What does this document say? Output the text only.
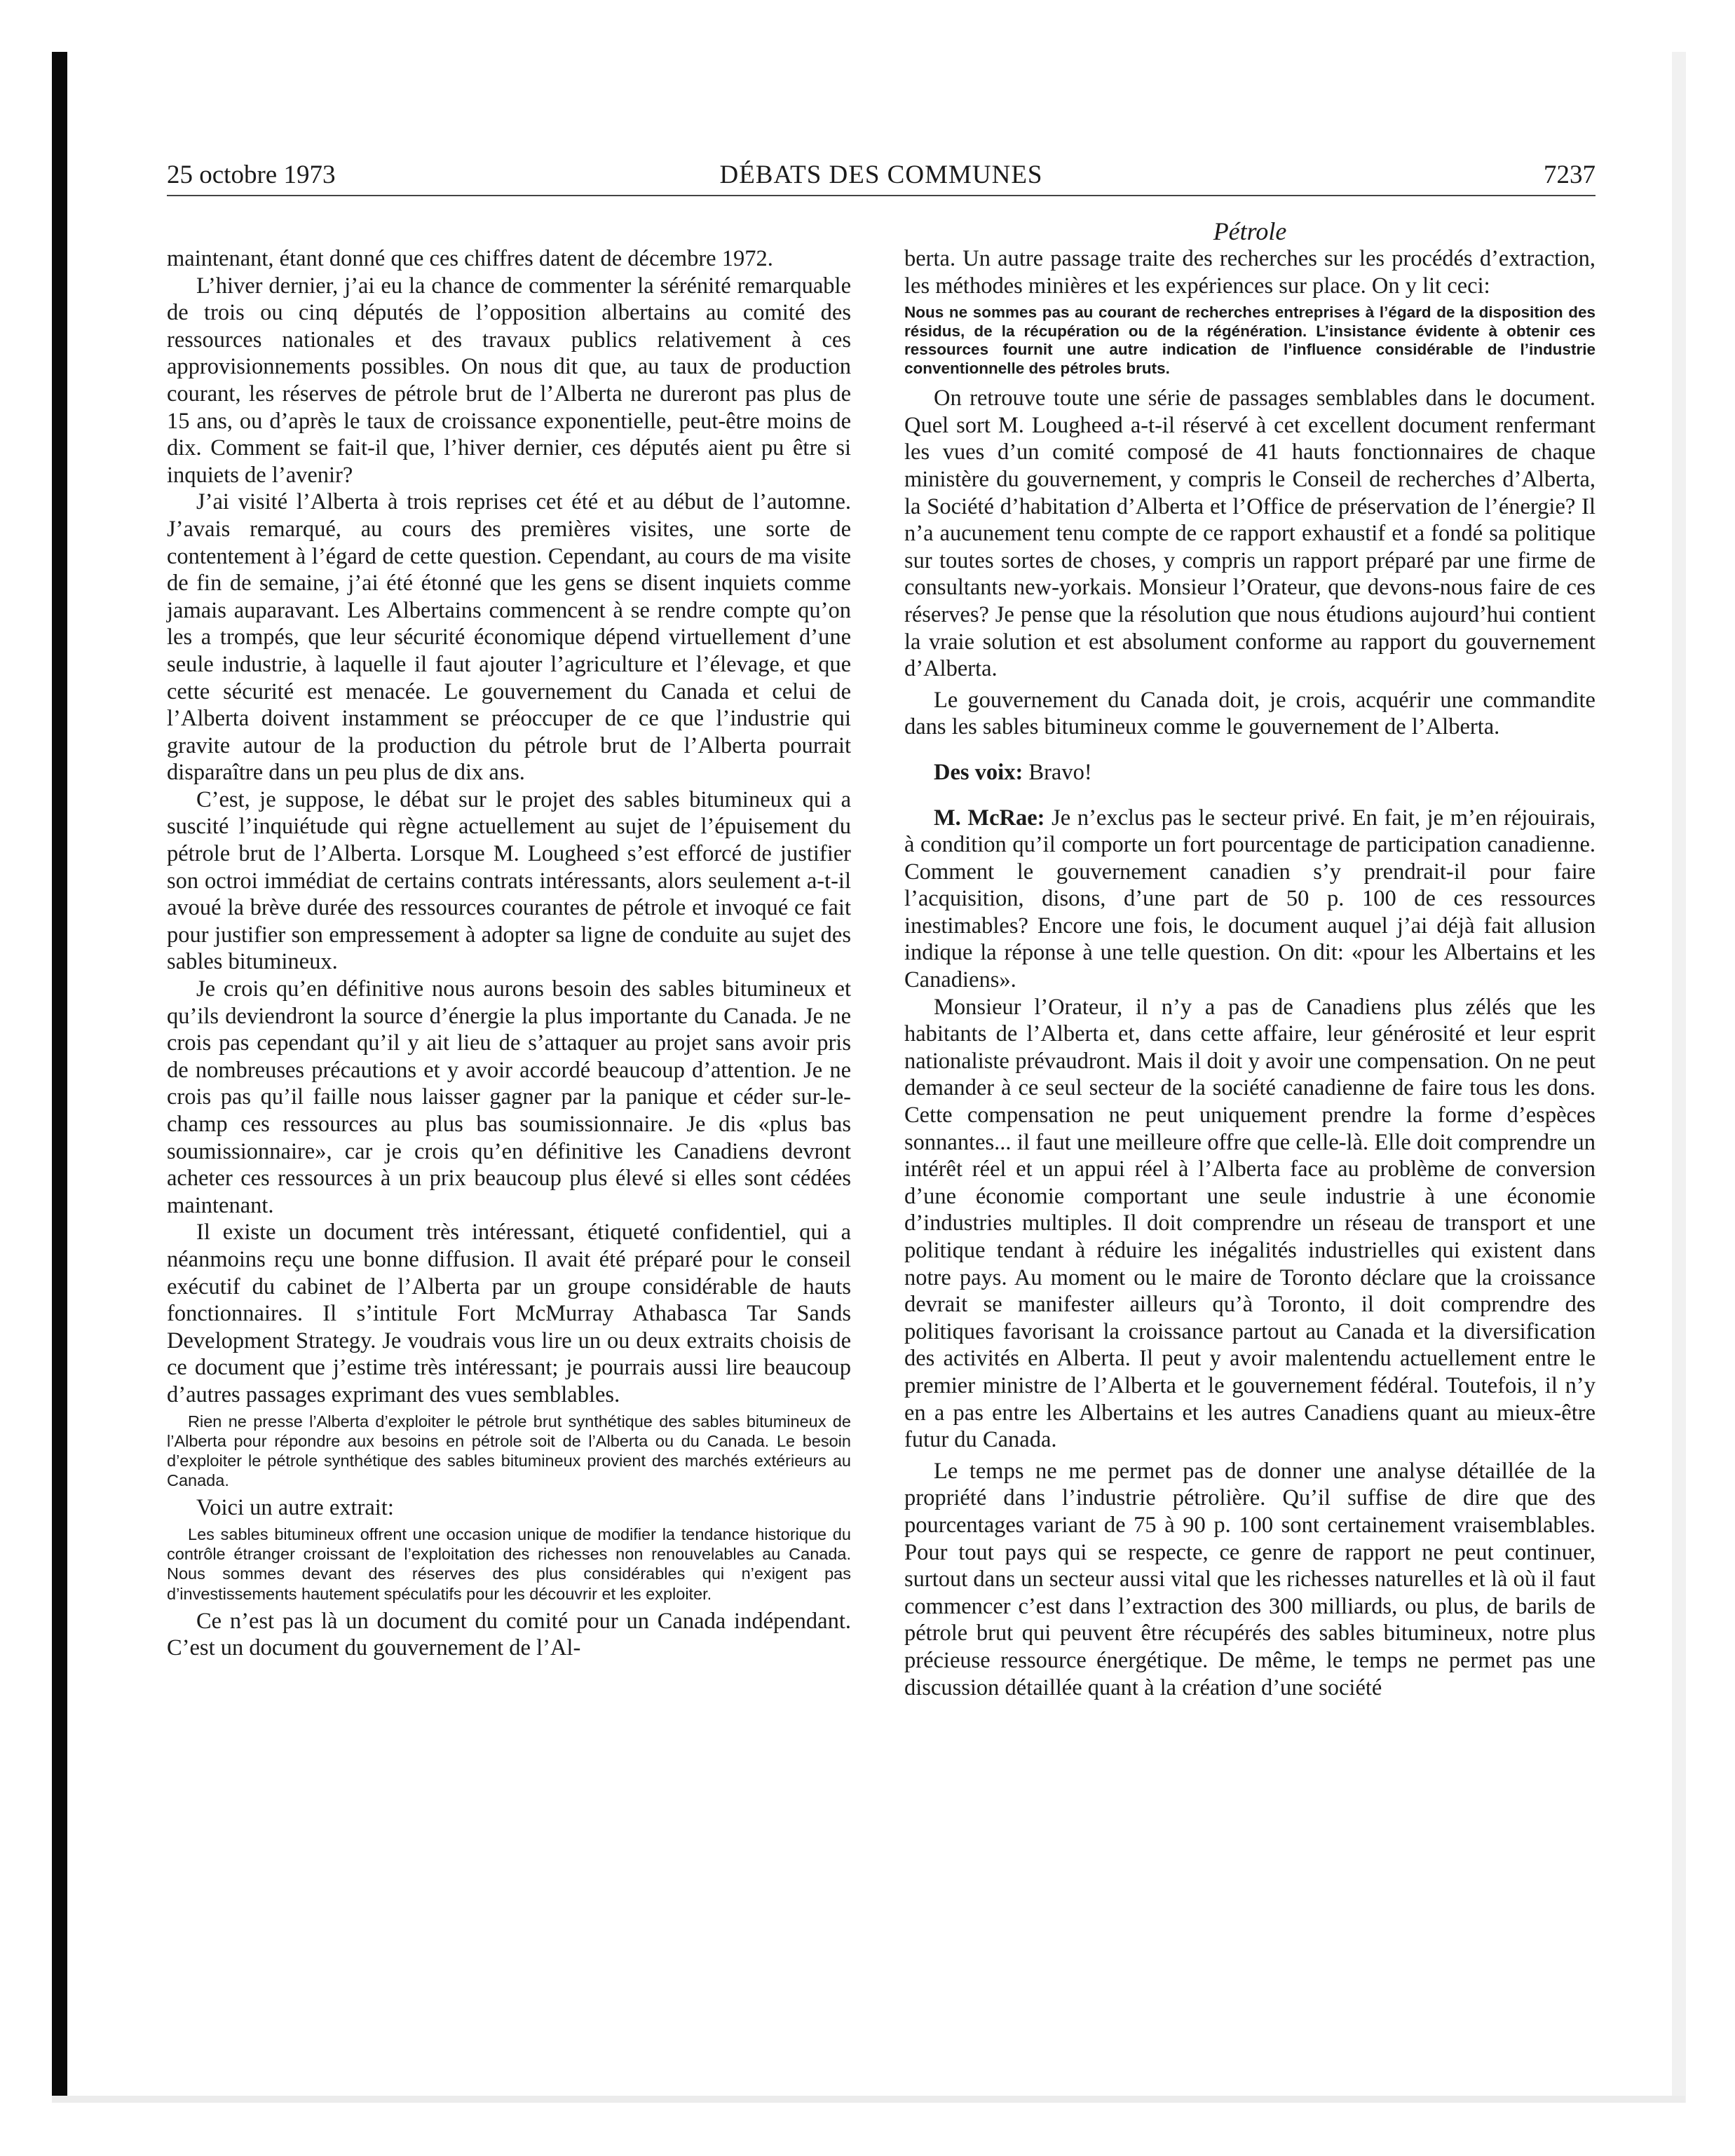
25 octobre 1973	DÉBATS DES COMMUNES	7237
Pétrole

maintenant, étant donné que ces chiffres datent de décembre 1972.

L’hiver dernier, j’ai eu la chance de commenter la sérénité remarquable de trois ou cinq députés de l’opposition albertains au comité des ressources nationales et des travaux publics relativement à ces approvisionnements possibles. On nous dit que, au taux de production courant, les réserves de pétrole brut de l’Alberta ne dureront pas plus de 15 ans, ou d’après le taux de croissance exponentielle, peut-être moins de dix. Comment se fait-il que, l’hiver dernier, ces députés aient pu être si inquiets de l’avenir?

J’ai visité l’Alberta à trois reprises cet été et au début de l’automne. J’avais remarqué, au cours des premières visites, une sorte de contentement à l’égard de cette question. Cependant, au cours de ma visite de fin de semaine, j’ai été étonné que les gens se disent inquiets comme jamais auparavant. Les Albertains commencent à se rendre compte qu’on les a trompés, que leur sécurité économique dépend virtuellement d’une seule industrie, à laquelle il faut ajouter l’agriculture et l’élevage, et que cette sécurité est menacée. Le gouvernement du Canada et celui de l’Alberta doivent instamment se préoccuper de ce que l’industrie qui gravite autour de la production du pétrole brut de l’Alberta pourrait disparaître dans un peu plus de dix ans.

C’est, je suppose, le débat sur le projet des sables bitumineux qui a suscité l’inquiétude qui règne actuellement au sujet de l’épuisement du pétrole brut de l’Alberta. Lorsque M. Lougheed s’est efforcé de justifier son octroi immédiat de certains contrats intéressants, alors seulement a-t-il avoué la brève durée des ressources courantes de pétrole et invoqué ce fait pour justifier son empressement à adopter sa ligne de conduite au sujet des sables bitumineux.

Je crois qu’en définitive nous aurons besoin des sables bitumineux et qu’ils deviendront la source d’énergie la plus importante du Canada. Je ne crois pas cependant qu’il y ait lieu de s’attaquer au projet sans avoir pris de nombreuses précautions et y avoir accordé beaucoup d’attention. Je ne crois pas qu’il faille nous laisser gagner par la panique et céder sur-le-champ ces ressources au plus bas soumissionnaire. Je dis «plus bas soumissionnaire», car je crois qu’en définitive les Canadiens devront acheter ces ressources à un prix beaucoup plus élevé si elles sont cédées maintenant.

Il existe un document très intéressant, étiqueté confidentiel, qui a néanmoins reçu une bonne diffusion. Il avait été préparé pour le conseil exécutif du cabinet de l’Alberta par un groupe considérable de hauts fonctionnaires. Il s’intitule Fort McMurray Athabasca Tar Sands Development Strategy. Je voudrais vous lire un ou deux extraits choisis de ce document que j’estime très intéressant; je pourrais aussi lire beaucoup d’autres passages exprimant des vues semblables.

Rien ne presse l’Alberta d’exploiter le pétrole brut synthétique des sables bitumineux de l’Alberta pour répondre aux besoins en pétrole soit de l’Alberta ou du Canada. Le besoin d’exploiter le pétrole synthétique des sables bitumineux provient des marchés extérieurs au Canada.

Voici un autre extrait:

Les sables bitumineux offrent une occasion unique de modifier la tendance historique du contrôle étranger croissant de l’exploitation des richesses non renouvelables au Canada. Nous sommes devant des réserves des plus considérables qui n’exigent pas d’investissements hautement spéculatifs pour les découvrir et les exploiter.

Ce n’est pas là un document du comité pour un Canada indépendant. C’est un document du gouvernement de l’Al-

berta. Un autre passage traite des recherches sur les procédés d’extraction, les méthodes minières et les expériences sur place. On y lit ceci:

Nous ne sommes pas au courant de recherches entreprises à l’égard de la disposition des résidus, de la récupération ou de la régénération. L’insistance évidente à obtenir ces ressources fournit une autre indication de l’influence considérable de l’industrie conventionnelle des pétroles bruts.

On retrouve toute une série de passages semblables dans le document. Quel sort M. Lougheed a-t-il réservé à cet excellent document renfermant les vues d’un comité composé de 41 hauts fonctionnaires de chaque ministère du gouvernement, y compris le Conseil de recherches d’Alberta, la Société d’habitation d’Alberta et l’Office de préservation de l’énergie? Il n’a aucunement tenu compte de ce rapport exhaustif et a fondé sa politique sur toutes sortes de choses, y compris un rapport préparé par une firme de consultants new-yorkais. Monsieur l’Orateur, que devons-nous faire de ces réserves? Je pense que la résolution que nous étudions aujourd’hui contient la vraie solution et est absolument conforme au rapport du gouvernement d’Alberta.

Le gouvernement du Canada doit, je crois, acquérir une commandite dans les sables bitumineux comme le gouvernement de l’Alberta.

Des voix: Bravo!

M. McRae: Je n’exclus pas le secteur privé. En fait, je m’en réjouirais, à condition qu’il comporte un fort pourcentage de participation canadienne. Comment le gouvernement canadien s’y prendrait-il pour faire l’acquisition, disons, d’une part de 50 p. 100 de ces ressources inestimables? Encore une fois, le document auquel j’ai déjà fait allusion indique la réponse à une telle question. On dit: «pour les Albertains et les Canadiens».

Monsieur l’Orateur, il n’y a pas de Canadiens plus zélés que les habitants de l’Alberta et, dans cette affaire, leur générosité et leur esprit nationaliste prévaudront. Mais il doit y avoir une compensation. On ne peut demander à ce seul secteur de la société canadienne de faire tous les dons. Cette compensation ne peut uniquement prendre la forme d’espèces sonnantes... il faut une meilleure offre que celle-là. Elle doit comprendre un intérêt réel et un appui réel à l’Alberta face au problème de conversion d’une économie comportant une seule industrie à une économie d’industries multiples. Il doit comprendre un réseau de transport et une politique tendant à réduire les inégalités industrielles qui existent dans notre pays. Au moment ou le maire de Toronto déclare que la croissance devrait se manifester ailleurs qu’à Toronto, il doit comprendre des politiques favorisant la croissance partout au Canada et la diversification des activités en Alberta. Il peut y avoir malentendu actuellement entre le premier ministre de l’Alberta et le gouvernement fédéral. Toutefois, il n’y en a pas entre les Albertains et les autres Canadiens quant au mieux-être futur du Canada.

Le temps ne me permet pas de donner une analyse détaillée de la propriété dans l’industrie pétrolière. Qu’il suffise de dire que des pourcentages variant de 75 à 90 p. 100 sont certainement vraisemblables. Pour tout pays qui se respecte, ce genre de rapport ne peut continuer, surtout dans un secteur aussi vital que les richesses naturelles et là où il faut commencer c’est dans l’extraction des 300 milliards, ou plus, de barils de pétrole brut qui peuvent être récupérés des sables bitumineux, notre plus précieuse ressource énergétique. De même, le temps ne permet pas une discussion détaillée quant à la création d’une société
